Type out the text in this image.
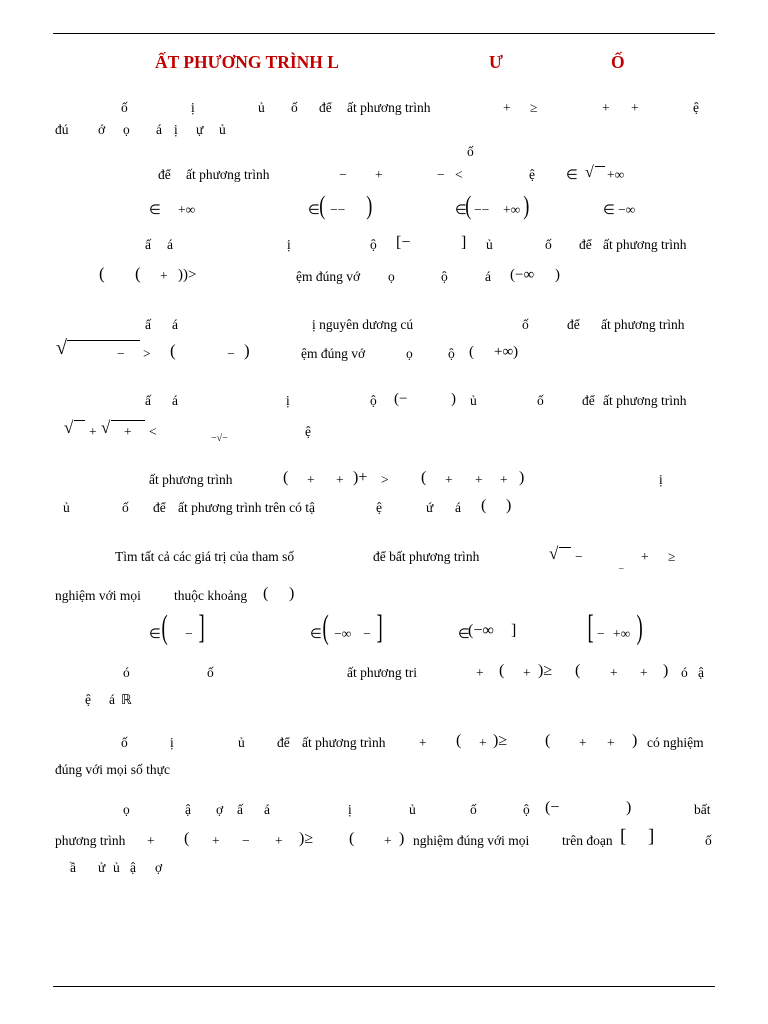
ẤT PHƯƠNG TRÌNH L	Ư	Ố
ố	ị	ủ ố để ất phương trình	+ ≥	+ +	ệ
đú ớ ọ á ị ự ủ
ố
để ất phương trình	− +	− <	ệ ∈ √ +∞
∈ +∞	∈ ( −− )	∈
( −− +∞ )	∈ −∞
ấ á	ị	ộ [−	] ủ	ố để ất phương trình
( ( + ))>	ệm đúng vớ ọ	ộ	á (−∞ )
ấ á	ị nguyên dương cú	ố	để ất phương trình
√	− > (	− )	ệm đúng vớ	ọ	ộ ( +∞)
ấ á	ị	ộ (−	) ủ	ố	để ất phương trình
√ + √ + <	−√−	ệ
ất phương trình	( + + )+ > ( + + + )	ị
ủ	ố để ất phương trình trên có tậ	ệ	ứ á ( )
Tìm tất cả các giá trị của tham số	để bất phương trình	√ −
_
+ ≥
nghiệm với mọi thuộc khoảng ( )
∈ ( − ]	∈ ( −∞ − ]	∈
(−∞ ] [ − +∞ )
ó	ố	ất phương tri	+ ( + )≥ ( + + ) ó ậ
ệ á ℝ
ố	ị	ủ để ất phương trình + ( + )≥ ( + + ) có nghiệm
đúng với mọi số thực
ọ	ậ ợ ấ á	ị	ủ	ố	ộ (−	)	bất
phương trình + ( + − + )≥ ( + ) nghiệm đúng với mọi trên đoạn [ ]	ố
ầ ử ủ ậ ợ
